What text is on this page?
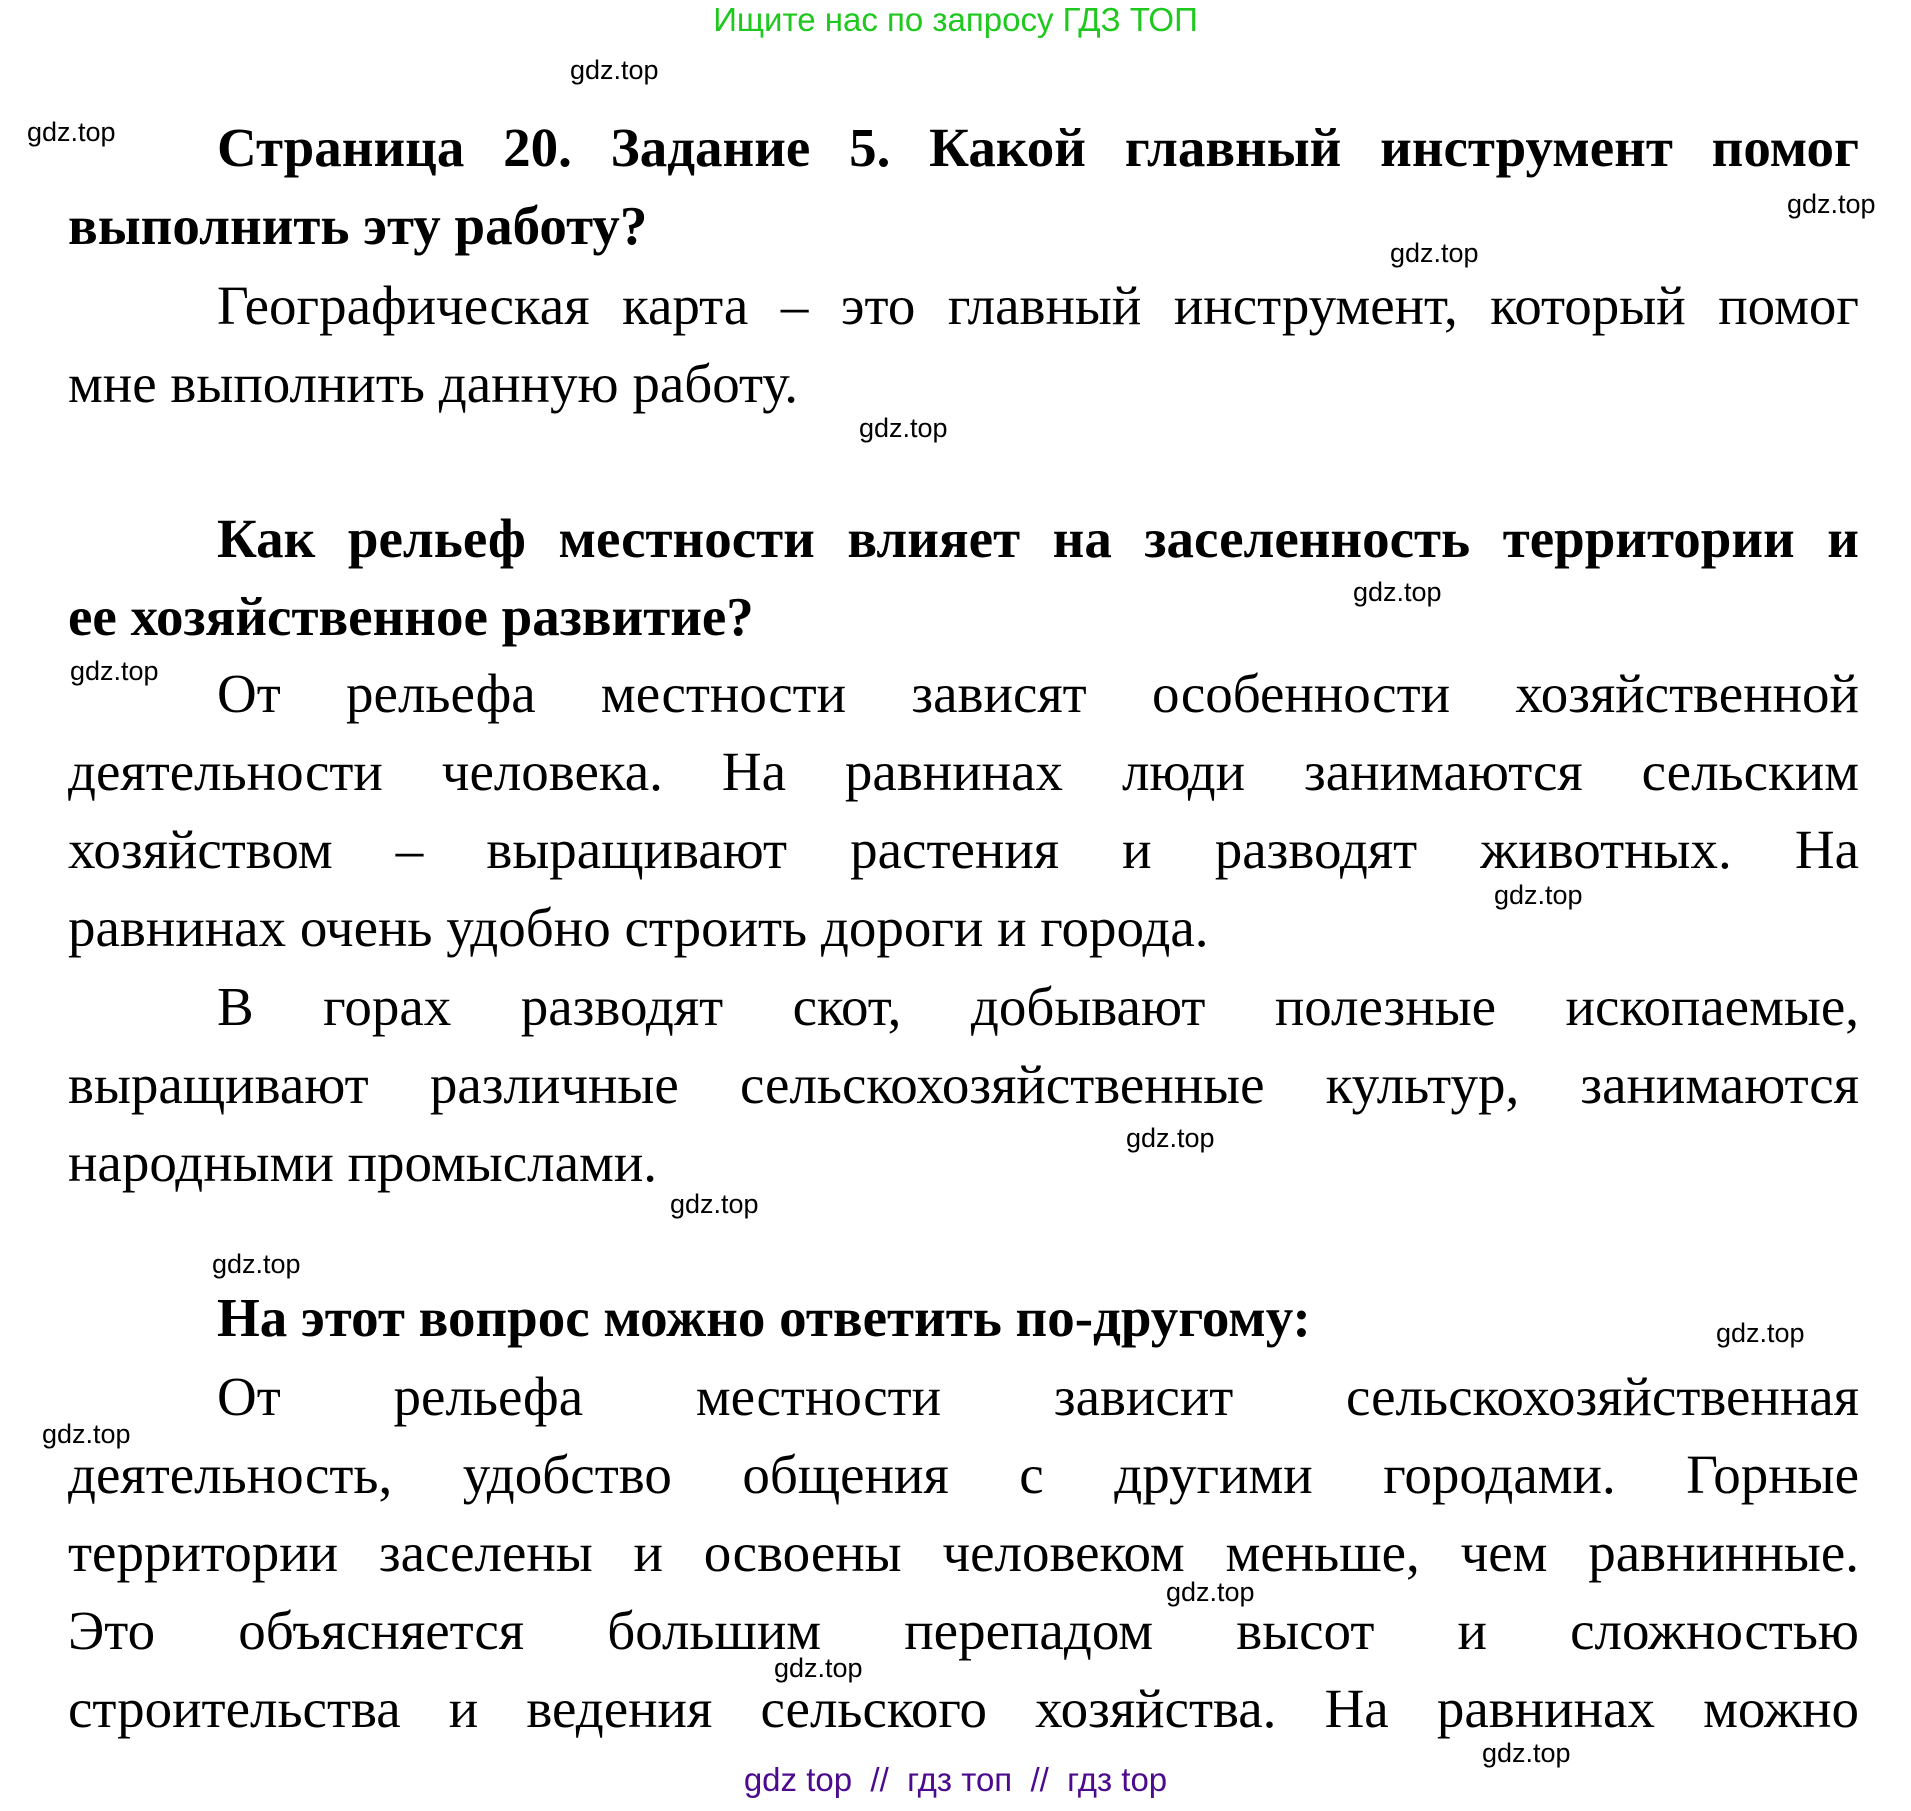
Ищите нас по запросу ГДЗ ТОП
gdz.top
gdz.top
gdz.top
gdz.top
gdz.top
gdz.top
gdz.top
gdz.top
gdz.top
gdz.top
gdz.top
gdz.top
gdz.top
gdz.top
gdz.top
gdz.top
Страница 20. Задание 5. Какой главный инструмент помог
выполнить эту работу?
Географическая карта – это главный инструмент, который помог
мне выполнить данную работу.
Как рельеф местности влияет на заселенность территории и
ее хозяйственное развитие?
От рельефа местности зависят особенности хозяйственной
деятельности человека. На равнинах люди занимаются сельским
хозяйством – выращивают растения и разводят животных. На
равнинах очень удобно строить дороги и города.
В горах разводят скот, добывают полезные ископаемые,
выращивают различные сельскохозяйственные культур, занимаются
народными промыслами.
На этот вопрос можно ответить по-другому:
От рельефа местности зависит сельскохозяйственная
деятельность, удобство общения с другими городами. Горные
территории заселены и освоены человеком меньше, чем равнинные.
Это объясняется большим перепадом высот и сложностью
строительства и ведения сельского хозяйства. На равнинах можно
gdz top  //  гдз топ  //  гдз top
